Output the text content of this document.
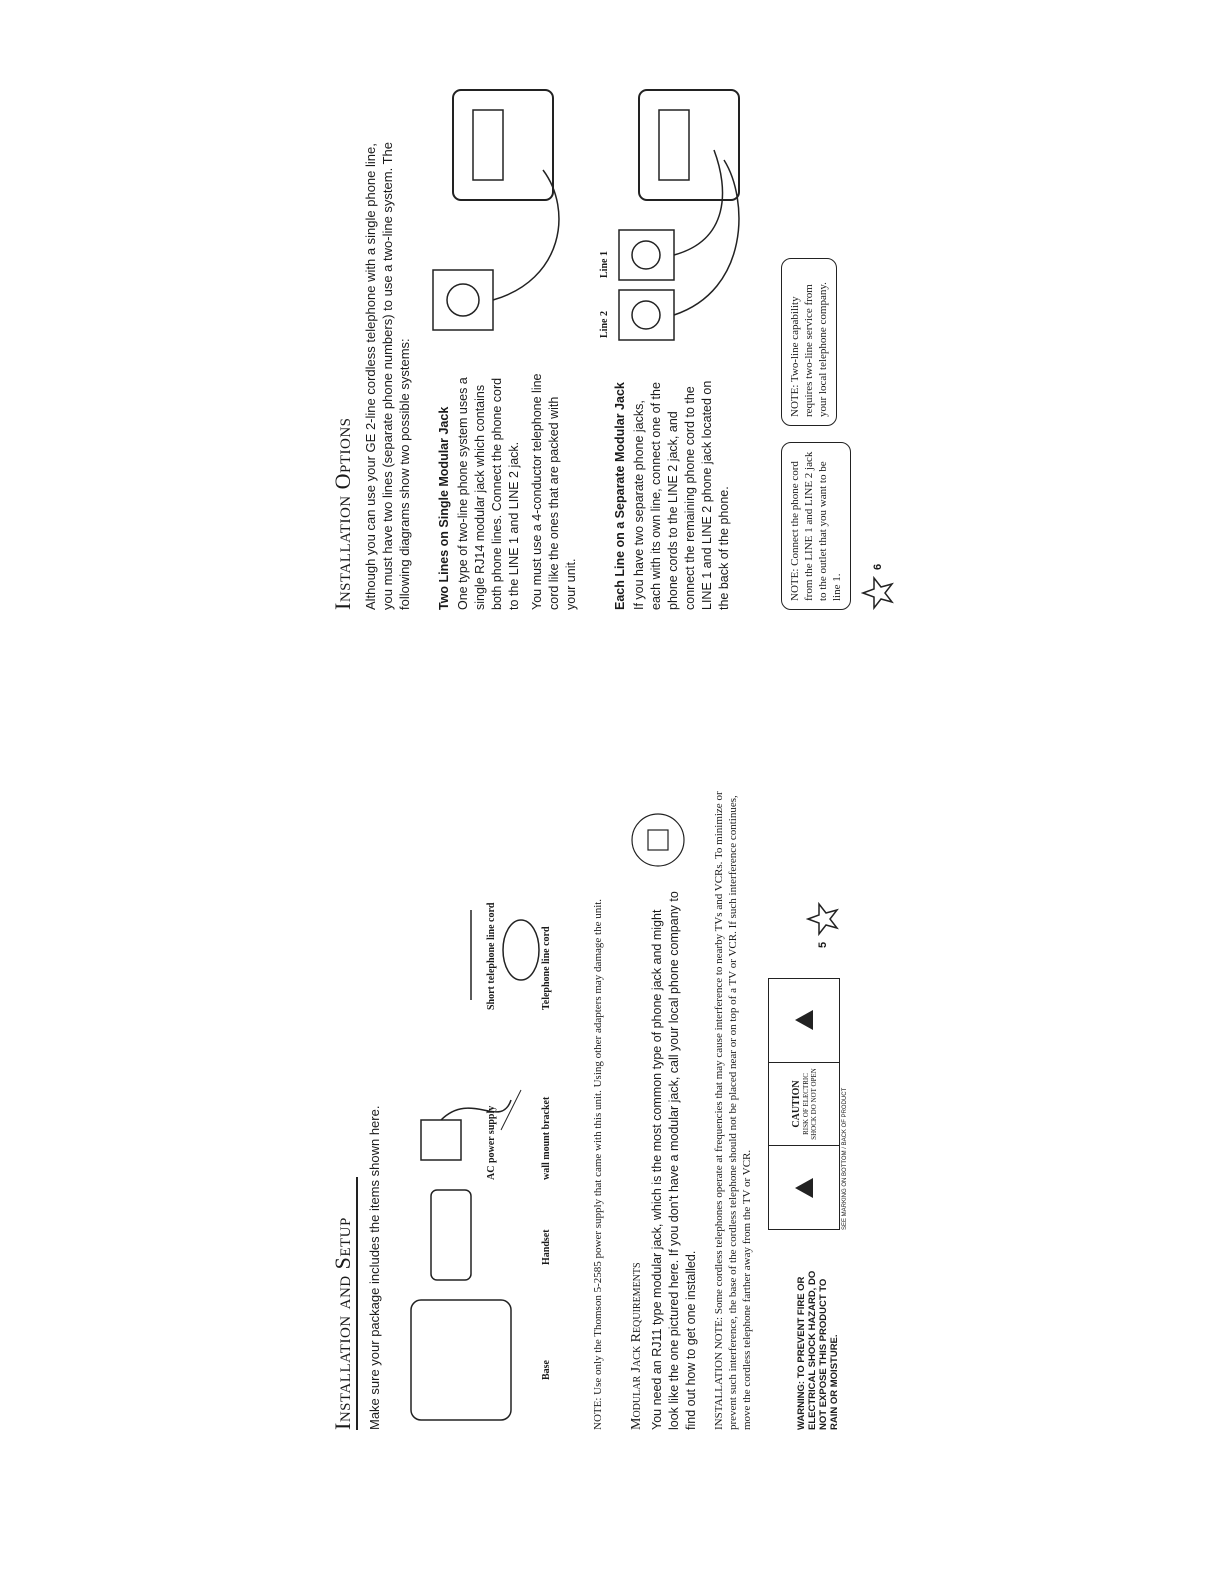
Installation Options Although you can use your GE 2-line cordless telephone with a single phone line, you must have two lines (separate phone numbers) to use a two-line system. The following diagrams show two possible systems: Two Lines on Single Modular Jack One type of two-line phone system uses a single RJ14 modular jack which contains both phone lines. Connect the phone cord to the LINE 1 and LINE 2 jack. You must use a 4-conductor telephone line cord like the ones that are packed with your unit.	Each Line on a Separate Modular Jack If you have two separate phone jacks, each with its own line, connect one of the phone cords to the LINE 2 jack, and connect the remaining phone cord to the LINE 1 and LINE 2 phone jack located on the back of the phone.
Line 2
Line 1
NOTE: Connect the phone cord from the LINE 1 and LINE 2 jack to the outlet that you want to be line 1.
NOTE: Two-line capability requires two-line service from your local telephone company.
6
Installation and Setup Make sure your package includes the items shown here.	Base
Handset
AC power supply	wall mount bracket
Short telephone line cord	Telephone line cord	NOTE: Use only the Thomson 5-2585 power supply that came with this unit. Using other adapters may damage the unit. Modular Jack Requirements You need an RJ11 type modular jack, which is the most common type of phone jack and might look like the one pictured here. If you don't have a modular jack, call your local phone company to find out how to get one installed. INSTALLATION NOTE: Some cordless telephones operate at frequencies that may cause interference to nearby TVs and VCRs. To minimize or prevent such interference, the base of the cordless telephone should not be placed near or on top of a TV or VCR. If such interference continues, move the cordless telephone farther away from the TV or VCR.	WARNING: TO PREVENT FIRE OR ELECTRICAL SHOCK HAZARD, DO NOT EXPOSE THIS PRODUCT TO RAIN OR MOISTURE.
CAUTION RISK OF ELECTRIC SHOCK DO NOT OPEN
5
SEE MARKING ON BOTTOM / BACK OF PRODUCT
